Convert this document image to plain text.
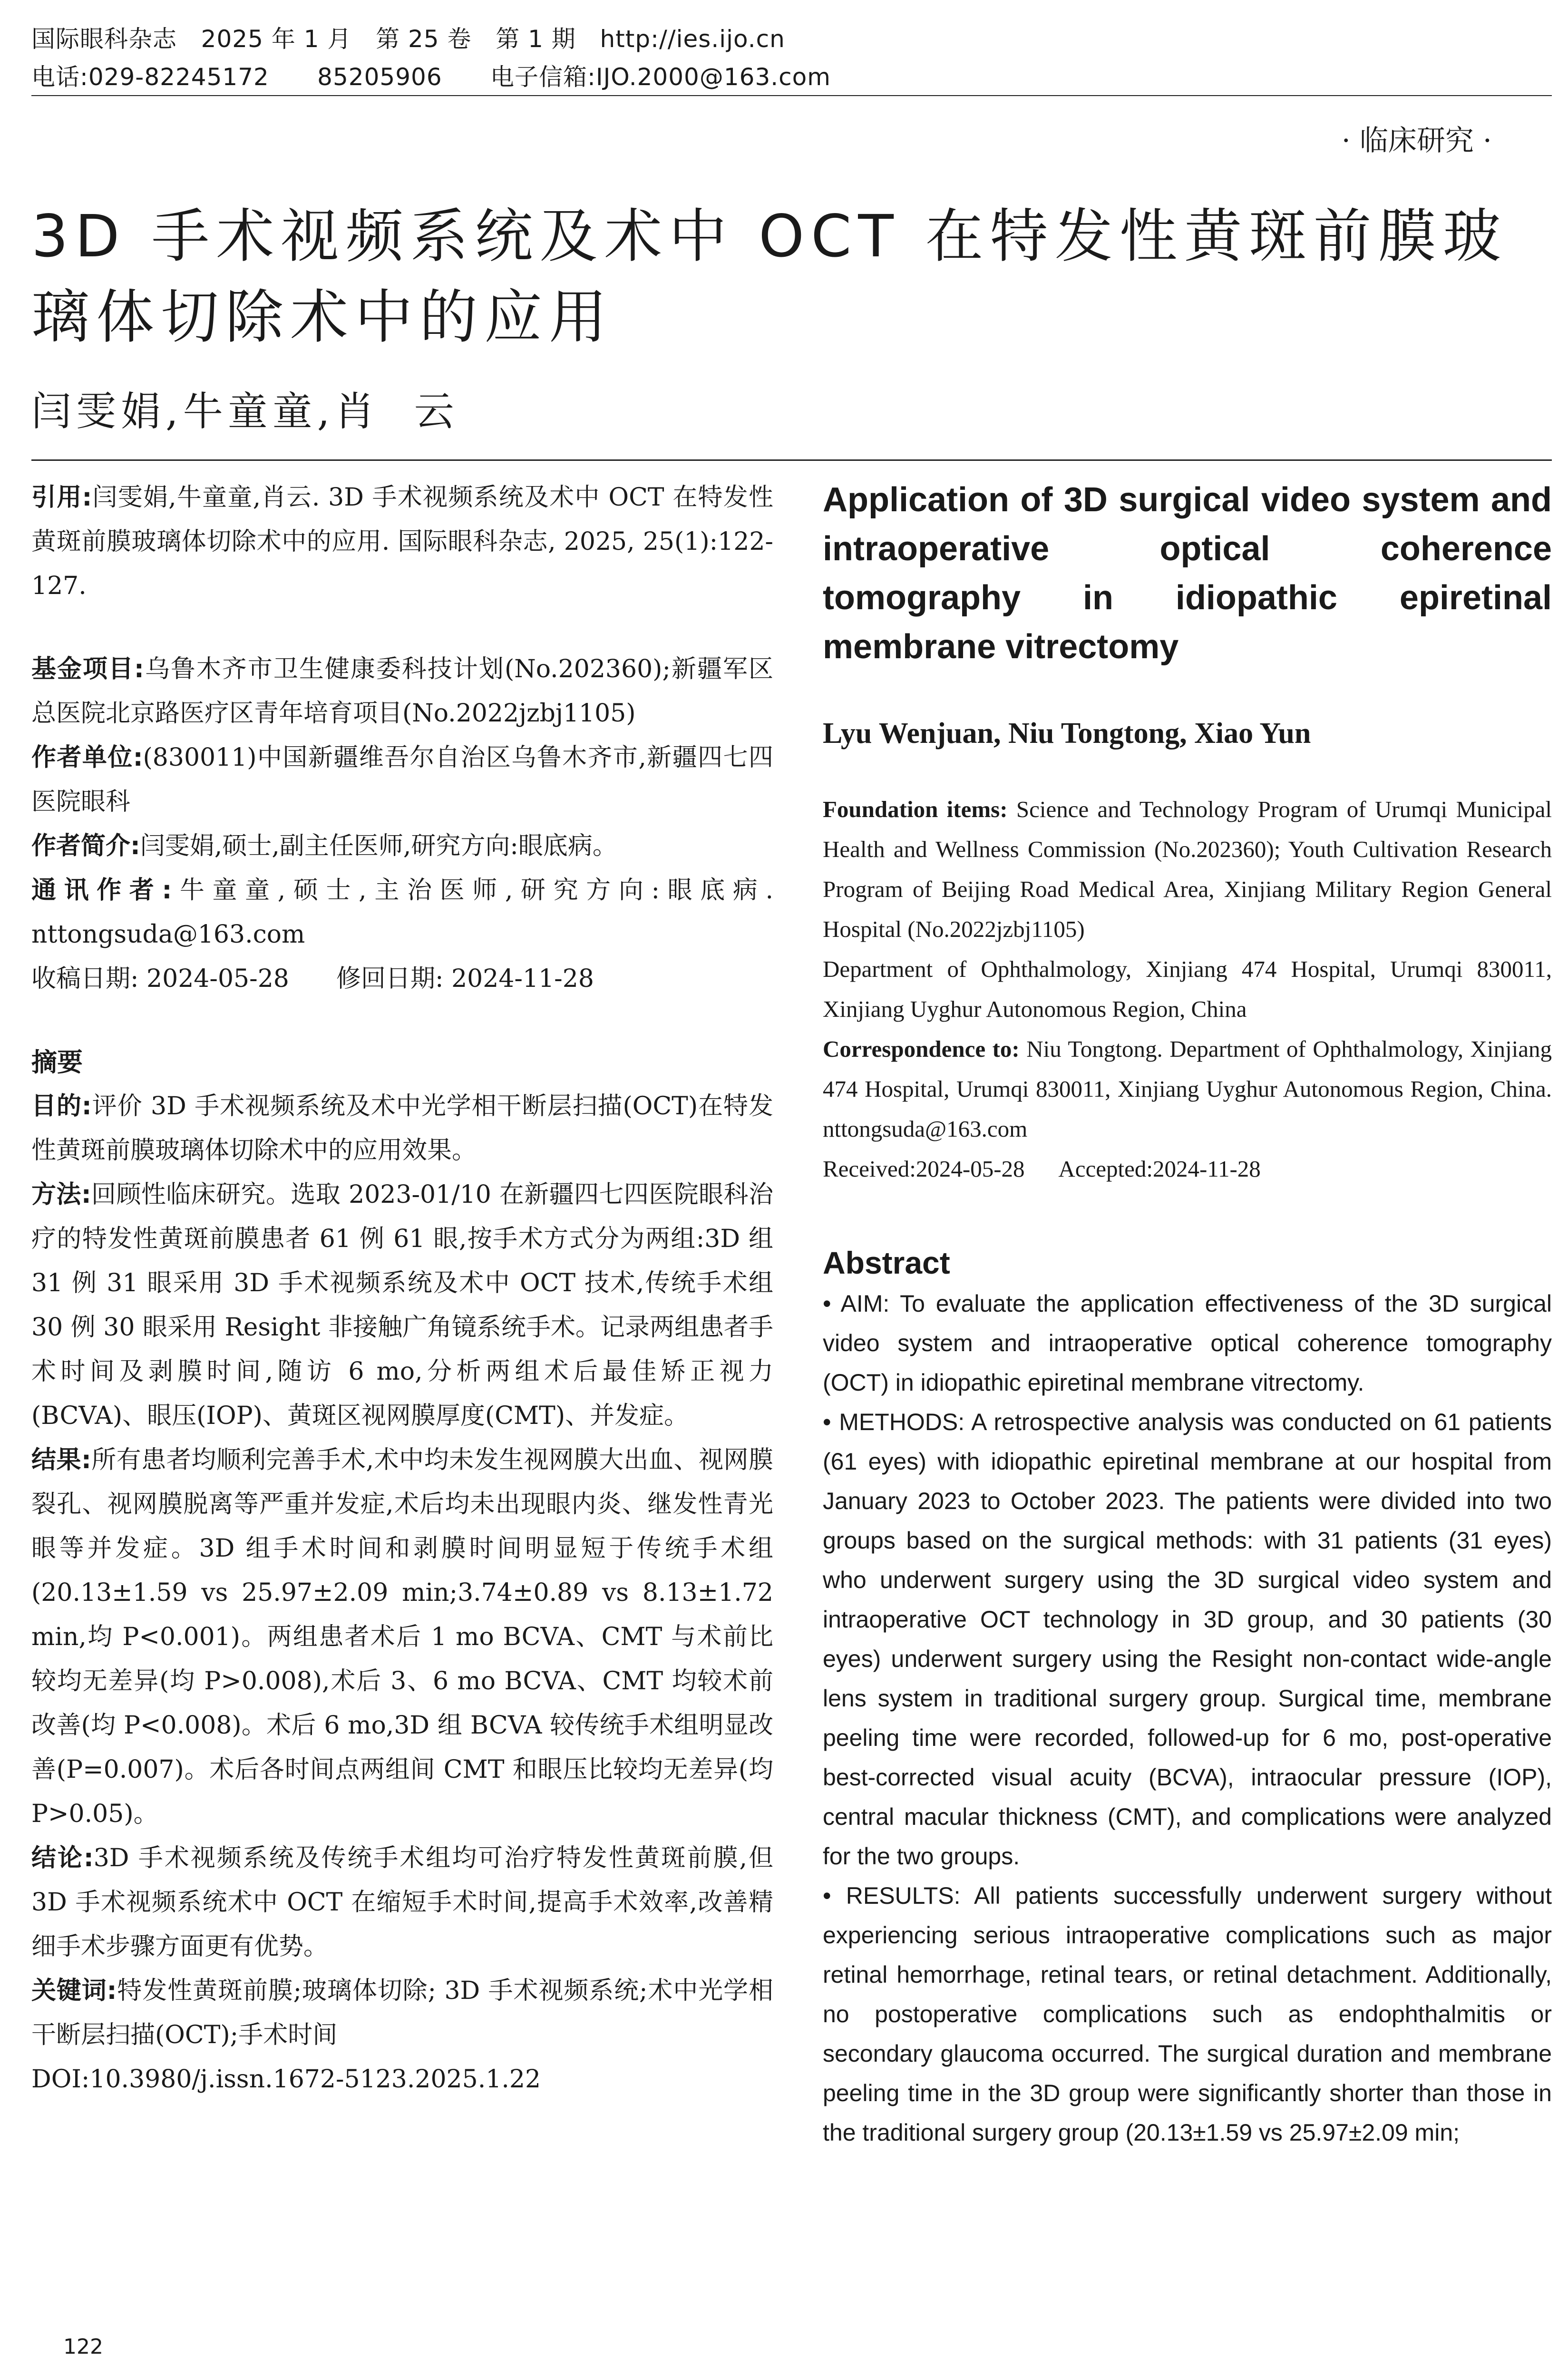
国际眼科杂志   2025 年 1 月   第 25 卷   第 1 期   http://ies.ijo.cn
电话:029-82245172      85205906      电子信箱:IJO.2000@163.com
· 临床研究 ·
3D 手术视频系统及术中 OCT 在特发性黄斑前膜玻璃体切除术中的应用
闫雯娟,牛童童,肖  云

引用:闫雯娟,牛童童,肖云. 3D 手术视频系统及术中 OCT 在特发性黄斑前膜玻璃体切除术中的应用. 国际眼科杂志, 2025, 25(1):122-127.

基金项目:乌鲁木齐市卫生健康委科技计划(No.202360);新疆军区总医院北京路医疗区青年培育项目(No.2022jzbj1105)

作者单位:(830011)中国新疆维吾尔自治区乌鲁木齐市,新疆四七四医院眼科

作者简介:闫雯娟,硕士,副主任医师,研究方向:眼底病。

通讯作者:牛童童,硕士,主治医师,研究方向:眼底病. nttongsuda@163.com

收稿日期: 2024-05-28      修回日期: 2024-11-28

摘要

目的:评价 3D 手术视频系统及术中光学相干断层扫描(OCT)在特发性黄斑前膜玻璃体切除术中的应用效果。

方法:回顾性临床研究。选取 2023-01/10 在新疆四七四医院眼科治疗的特发性黄斑前膜患者 61 例 61 眼,按手术方式分为两组:3D 组 31 例 31 眼采用 3D 手术视频系统及术中 OCT 技术,传统手术组 30 例 30 眼采用 Resight 非接触广角镜系统手术。记录两组患者手术时间及剥膜时间,随访 6 mo,分析两组术后最佳矫正视力(BCVA)、眼压(IOP)、黄斑区视网膜厚度(CMT)、并发症。

结果:所有患者均顺利完善手术,术中均未发生视网膜大出血、视网膜裂孔、视网膜脱离等严重并发症,术后均未出现眼内炎、继发性青光眼等并发症。3D 组手术时间和剥膜时间明显短于传统手术组(20.13±1.59 vs 25.97±2.09 min;3.74±0.89 vs 8.13±1.72 min,均 P<0.001)。两组患者术后 1 mo BCVA、CMT 与术前比较均无差异(均 P>0.008),术后 3、6 mo BCVA、CMT 均较术前改善(均 P<0.008)。术后 6 mo,3D 组 BCVA 较传统手术组明显改善(P=0.007)。术后各时间点两组间 CMT 和眼压比较均无差异(均 P>0.05)。

结论:3D 手术视频系统及传统手术组均可治疗特发性黄斑前膜,但 3D 手术视频系统术中 OCT 在缩短手术时间,提高手术效率,改善精细手术步骤方面更有优势。

关键词:特发性黄斑前膜;玻璃体切除; 3D 手术视频系统;术中光学相干断层扫描(OCT);手术时间

DOI:10.3980/j.issn.1672-5123.2025.1.22

Application of 3D surgical video system and intraoperative optical coherence tomography in idiopathic epiretinal membrane vitrectomy

Lyu Wenjuan, Niu Tongtong, Xiao Yun

Foundation items: Science and Technology Program of Urumqi Municipal Health and Wellness Commission (No.202360); Youth Cultivation Research Program of Beijing Road Medical Area, Xinjiang Military Region General Hospital (No.2022jzbj1105)

Department of Ophthalmology, Xinjiang 474 Hospital, Urumqi 830011, Xinjiang Uyghur Autonomous Region, China

Correspondence to: Niu Tongtong. Department of Ophthalmology, Xinjiang 474 Hospital, Urumqi 830011, Xinjiang Uyghur Autonomous Region, China. nttongsuda@163.com

Received:2024-05-28      Accepted:2024-11-28

Abstract

• AIM: To evaluate the application effectiveness of the 3D surgical video system and intraoperative optical coherence tomography (OCT) in idiopathic epiretinal membrane vitrectomy.

• METHODS: A retrospective analysis was conducted on 61 patients (61 eyes) with idiopathic epiretinal membrane at our hospital from January 2023 to October 2023. The patients were divided into two groups based on the surgical methods: with 31 patients (31 eyes) who underwent surgery using the 3D surgical video system and intraoperative OCT technology in 3D group, and 30 patients (30 eyes) underwent surgery using the Resight non-contact wide-angle lens system in traditional surgery group. Surgical time, membrane peeling time were recorded, followed-up for 6 mo, post-operative best-corrected visual acuity (BCVA), intraocular pressure (IOP), central macular thickness (CMT), and complications were analyzed for the two groups.

• RESULTS: All patients successfully underwent surgery without experiencing serious intraoperative complications such as major retinal hemorrhage, retinal tears, or retinal detachment. Additionally, no postoperative complications such as endophthalmitis or secondary glaucoma occurred. The surgical duration and membrane peeling time in the 3D group were significantly shorter than those in the traditional surgery group (20.13±1.59 vs 25.97±2.09 min;

122
